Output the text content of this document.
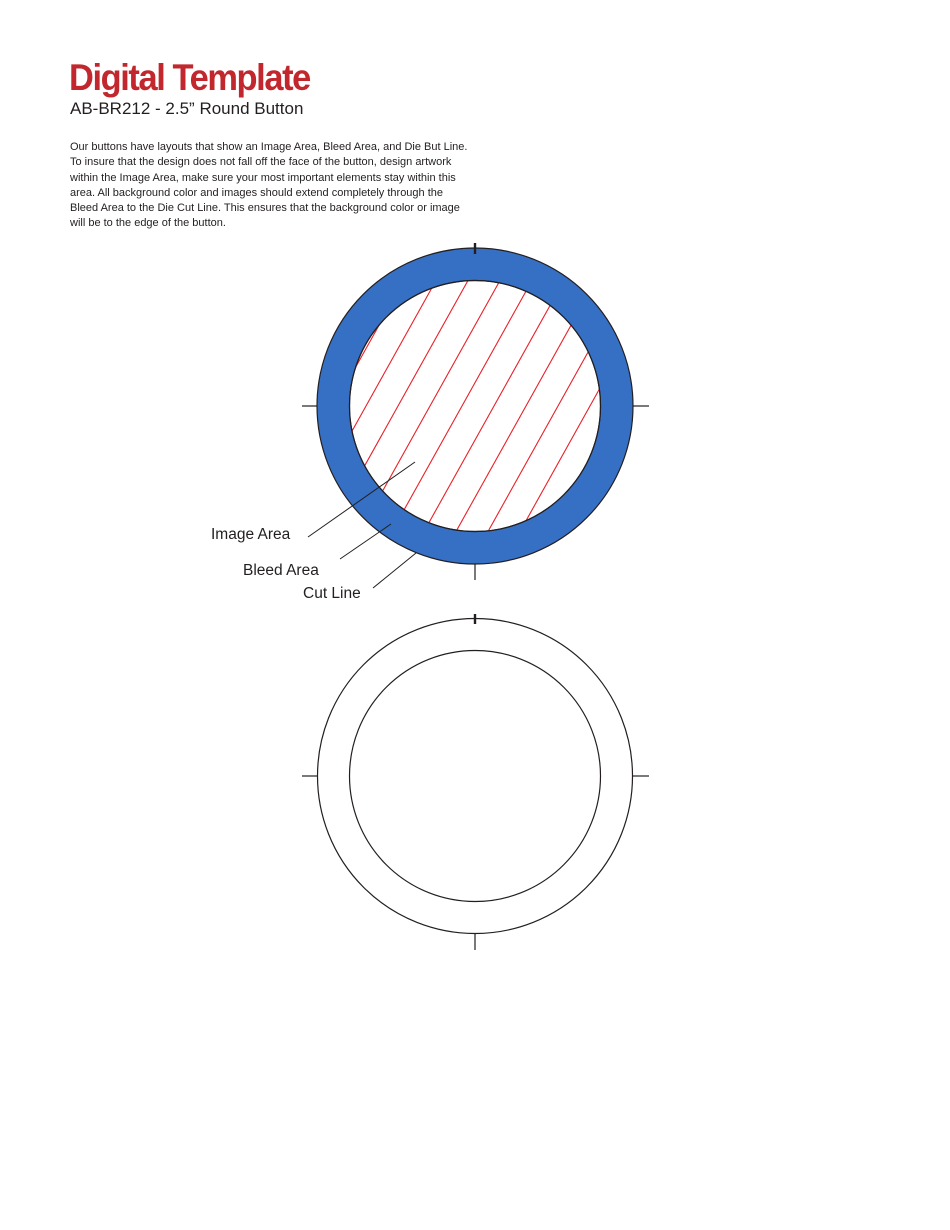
Digital Template
AB-BR212 - 2.5” Round Button

Our buttons have layouts that show an Image Area, Bleed Area, and Die But Line.

To insure that the design does not fall off the face of the button, design artwork

within the Image Area, make sure your most important elements stay within this

area. All background color and images should extend completely through the

Bleed Area to the Die Cut Line. This ensures that the background color or image

will be to the edge of the button.

Image Area
Bleed Area
Cut Line
